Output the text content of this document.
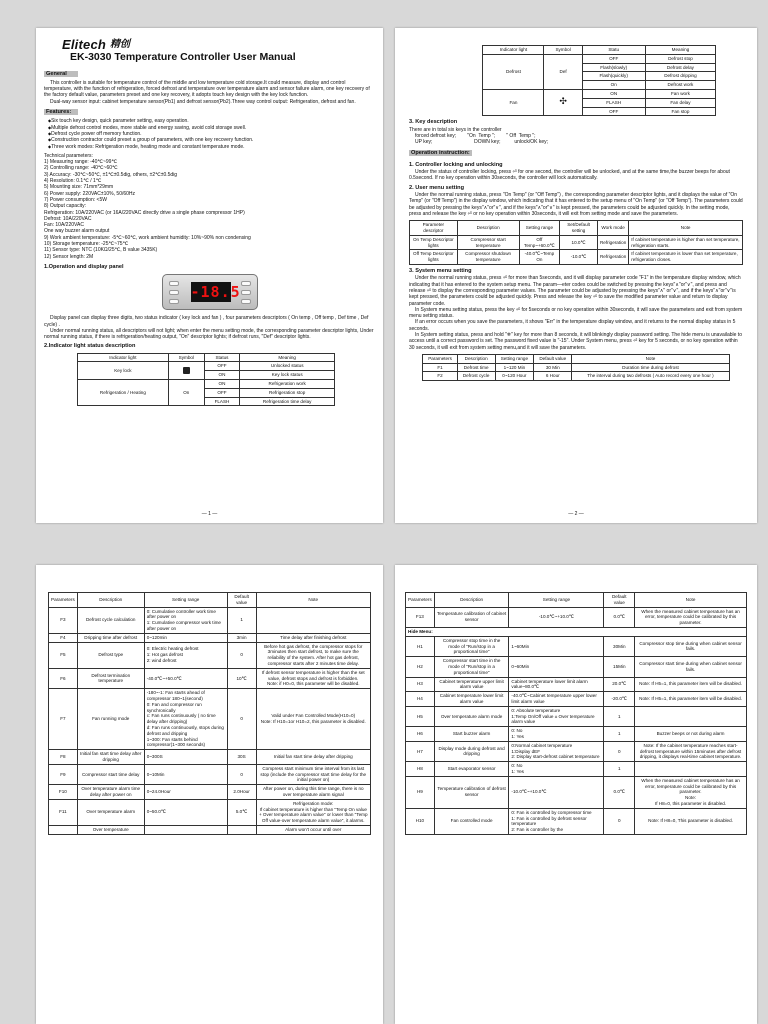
Elitech 精创
EK-3030 Temperature Controller User Manual
General

This controller is suitable for temperature control of the middle and low temperature cold storage.It could measure, display and control temperature, with the function of refrigeration, forced defrost and temperature over temperature alarm and sensor failure alarm, one key recovery of the factory default value, parameters preset and one key recovery, it adopts touch key design with the key lock function.

Dual-way sensor input: cabinet temperature sensor(Pb1) and defrost sensor(Pb2).Three way control output: Refrigeration, defrost and fan.

Features:
◆ Six touch key design, quick parameter setting, easy operation.
◆ Multiple defrost control modes, more stable and energy saving, avoid cold storage swell.
◆ Defrost cycle power off memory function.
◆ Construction contractor could preset a group of parameters, with one key recovery function.
◆ Three work modes: Refrigeration mode, heating mode and constant temperature mode.
Technical parameters:
1) Measuring range: -40℃~99℃
2) Controlling range: -40℃~60℃
3) Accuracy: -30℃~50℃, ±1℃±0.5dig, others, ±2℃±0.5dig
4) Resolution: 0.1℃ / 1℃
5) Mounting size: 71mm*29mm
6) Power supply: 220VAC±10%, 50/60Hz
7) Power consumption: <5W
8) Output capacity:
Refrigeration: 10A/220VAC (or 16A/220VAC directly drive a single phase compressor 1HP)
Defrost: 10A/220VAC
Fan: 10A/220VAC
One way buzzer alarm output
9) Work ambient temperature: -5℃~60℃, work ambient humidity: 10%~90% non condensing
10) Storage temperature: -25℃~75℃
11) Sensor type: NTC (10KΩ/25℃, B value 3435K)
12) Sensor length: 2M
1.Operation and display panel
-18.5

Display panel can display three digits, two status indicator ( key lock and fan ) , four parameters descriptors ( On temp , Off temp , Def time , Def cycle) .

Under normal running status, all descriptors will not light; when enter the menu setting mode, the corresponding parameter descriptor lights, Under normal running status, if there is refrigeration/heating output, "On" descriptor lights; if defrost runs, "Def" descriptor lights.

2.Indicator light status description
Indicator light	Symbol	Status	Meaning
Key lock		OFF	Unlocked status
		ON	Key lock status
Refrigeration / Heating	On	ON	Refrigeration work
		OFF	Refrigeration stop
		FLASH	Refrigeration time delay
— 1 —
Indicator light	Symbol	Statu	Meaning
Defrost	Def	OFF	Defrost stop
		Flash(slowly)	Defrost delay
		Flash(quickly)	Defrost dripping
		On	Defrost work
Fan	✣	ON	Fan work
		FLASH	Fan delay
		OFF	Fan stop
3. Key description
There are in total six keys in the controller
forced defrost key;        "On  Temp ";        " Off  Temp ";
UP key;                              DOWN key;          unlock/OK key;
Operation instruction:
1. Controller locking and unlocking

Under the status of controller locking, press ⏎ for one second, the controller will be unlocked, and at the same time,the buzzer beeps for about 0.5second. If no key operation within 30seconds, the controller will lock automatically.

2. User menu setting

Under the normal running status, press "On Temp" (or "Off Temp") , the corresponding parameter descriptor lights, and it displays the value of "On Temp" (or "Off Temp") in the display window, which indicating that it has entered to the setup menu of "On Temp" (or "Off Temp"). The parameters could be adjusted by pressing the keys"∧"or"∨", and if the keys"∧"or"∨" is kept pressed, the parameters could be adjusted quickly. In the setting mode, press and release the key ⏎ or no key operation within 30seconds, it will exit from setting mode and save the parameters.

Parameter descriptor	Description	Setting range	Set/Default setting	Work mode	Note
On Temp Descriptor lights	Compressor start temperature	Off Temp~+60.0℃	10.0℃	Refrigeration	If cabinet temperature is higher than set temperature, refrigeration starts.
Off Temp Descriptor lights	Compressor shutdown temperature	-40.0℃~Temp On	-10.0℃	Refrigeration	If cabinet temperature is lower than set temperature, refrigeration closes.
3. System menu setting

Under the normal running status, press ⏎ for more than 5seconds, and it will display parameter code "F1" in the temperature display window, which indicating that it has entered to the system setup menu. The param—eter codes could be switched by pressing the keys"∧"or"∨", and press and release ⏎ to display the corresponding parameter values. The parameter could be adjusted by pressing the keys"∧" or"∨", and if the keys"∧"or"∨"is kept pressed, the parameters could be adjusted quickly. Press and release the key ⏎ to save the modified parameter value and return to display parameter code.

In System menu setting status, press the key ⏎ for 5seconds or no key operation within 30seconds, it will save the parameters and exit from system menu setting status.

If an error occurs when you save the parameters, it shows "Err" in the temperature display window, and it returns to the normal display status in 5 seconds.

In System setting status, press and hold "❄" key for more than 8 seconds, it will blinkingly display password setting. The hide menu is unavailable to access until a correct password is set. The password fixed value is "-15". Under System menu, press ⏎ key for 5 seconds, or no key operation within 30 seconds, it will exit from system setting menu,and it will save the parameters.

Parameters	Description	Setting range	Default value	Note
F1	Defrost time	1~120 Min	30 Min	Duration time during defrost
F2	Defrost cycle	0~120 Hour	6 Hour	The interval during two defrosts ( Auto record every one hour )
— 2 —
Parameters	Description	Setting range	Default value	Note
F3	Defrost cycle calculation	0: Cumulative controller work time after power on
1: Cumulative compressor work time after power on	1	
F4	Dripping time after defrost	0~120min	3min	Time delay after finishing defrost
F5	Defrost type	0: Electric heating defrost
1: Hot gas defrost
2: wind defrost	0	Before hot gas defrost, the compressor stops for 3minutes then start defrost, to make sure the reliability of the system. After hot gas defrost, compressor starts after 2 minutes time delay.
F6	Defrost termination temperature	-40.0℃~+50.0℃	10℃	If defrost sensor temperature is higher than the set value, defrost stops and defrost is forbidden.
Note: if H0=0, this parameter will be disabled.
F7	Fan running mode	-180~-1: Fan starts ahead of compressor 180~1(second)
0: Fan and compressor run synchronically
c: Fan runs continuously ( no time delay after dripping)
d: Fan runs continuously, stops during defrost and dripping
1~300: Fan starts behind compressor(1~300 seconds)	0	Valid under Fan Controlled Mode(H10=0)
Note: If H10=1or H10=2, this parameter is disabled.
F8	Initial fan start time delay after dripping	0~300S	30S	Initial fan start time delay after dripping
F9	Compressor start time delay	0~10Min	0	Compress start minimum time interval from its last stop (include the compressor start time delay for the initial power on)
F10	Over temperature alarm time delay after power on	0~24.0Hour	2.0Hour	After power on, during this time range, there is no over temperature alarm signal
F11	Over temperature alarm	0~50.0℃	5.0℃	Refrigeration mode:
If cabinet temperature is higher than "Temp On value + Over temperature alarm value" or lower than "Temp Off value-over temperature alarm value", it alarms.
	Over temperature			Alarm won't occur until over
Parameters	Description	Setting range	Default value	Note
F13	Temperature calibration of cabinet sensor	-10.0℃~+10.0℃	0.0℃	When the measured cabinet temperature has an error, temperature could be calibrated by this parameter.
Hide Menu:				
H1	Compressor stop time in the mode of "Run/stop in a proportional time"	1~60Min	30Min	Compressor stop time during when cabinet sensor fails.
H2	Compressor start time in the mode of "Run/stop in a proportional time"	0~60Min	15Min	Compressor start time during when cabinet sensor fails.
H3	Cabinet temperature upper limit alarm value	Cabinet temperature lower limit alarm value~80.0℃	20.0℃	Note: If H5=1, this parameter item will be disabled.
H4	Cabinet temperature lower limit alarm value	-40.0℃~Cabinet temperature upper lower limit alarm value	-20.0℃	Note: If H5=1, this parameter item will be disabled.
H5	Over temperature alarm mode	0: Absolute temperature
1:Temp On/Off value ± Over temperature alarm value	1	
H6	Start buzzer alarm	0: No
1: Yes	1	Buzzer beeps or not during alarm
H7	Display mode during defrost and dripping	0:Normal cabinet temperature
1:Display dEF
2: Display start-defrost cabinet temperature	0	Note: If the cabinet temperature reaches start-defrost temperature within 15minutes after defrost dripping, it displays real-time cabinet temperature.
H8	Start evaporator sensor	0: No
1: Yes	1	
H9	Temperature calibration of defrost sensor	-10.0℃~+10.0℃	0.0℃	When the measured cabinet temperature has an error, temperature could be calibrated by this parameter.
Note:
If H8=0, this parameter is disabled.
H10	Fan controlled mode	0: Fan is controlled by compressor time
1: Fan is controlled by defrost sensor temperature
2: Fan is controller by the	0	Note: If H8=0, This parameter is disabled.
